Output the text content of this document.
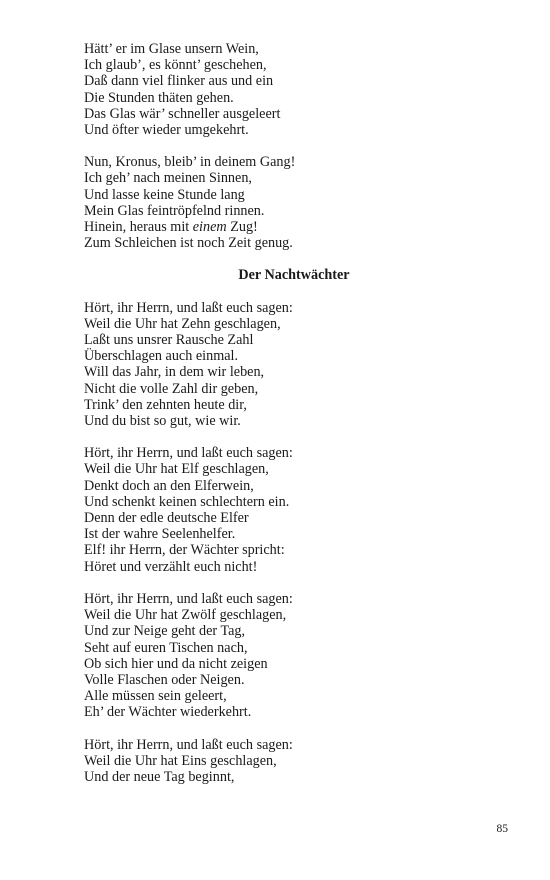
Hätt’ er im Glase unsern Wein,
Ich glaub’, es könnt’ geschehen,
Daß dann viel flinker aus und ein
Die Stunden thäten gehen.
Das Glas wär’ schneller ausgeleert
Und öfter wieder umgekehrt.
Nun, Kronus, bleib’ in deinem Gang!
Ich geh’ nach meinen Sinnen,
Und lasse keine Stunde lang
Mein Glas feintröpfelnd rinnen.
Hinein, heraus mit einem Zug!
Zum Schleichen ist noch Zeit genug.
Der Nachtwächter
Hört, ihr Herrn, und laßt euch sagen:
Weil die Uhr hat Zehn geschlagen,
Laßt uns unsrer Rausche Zahl
Überschlagen auch einmal.
Will das Jahr, in dem wir leben,
Nicht die volle Zahl dir geben,
Trink’ den zehnten heute dir,
Und du bist so gut, wie wir.
Hört, ihr Herrn, und laßt euch sagen:
Weil die Uhr hat Elf geschlagen,
Denkt doch an den Elferwein,
Und schenkt keinen schlechtern ein.
Denn der edle deutsche Elfer
Ist der wahre Seelenhelfer.
Elf! ihr Herrn, der Wächter spricht:
Höret und verzählt euch nicht!
Hört, ihr Herrn, und laßt euch sagen:
Weil die Uhr hat Zwölf geschlagen,
Und zur Neige geht der Tag,
Seht auf euren Tischen nach,
Ob sich hier und da nicht zeigen
Volle Flaschen oder Neigen.
Alle müssen sein geleert,
Eh’ der Wächter wiederkehrt.
Hört, ihr Herrn, und laßt euch sagen:
Weil die Uhr hat Eins geschlagen,
Und der neue Tag beginnt,
85
